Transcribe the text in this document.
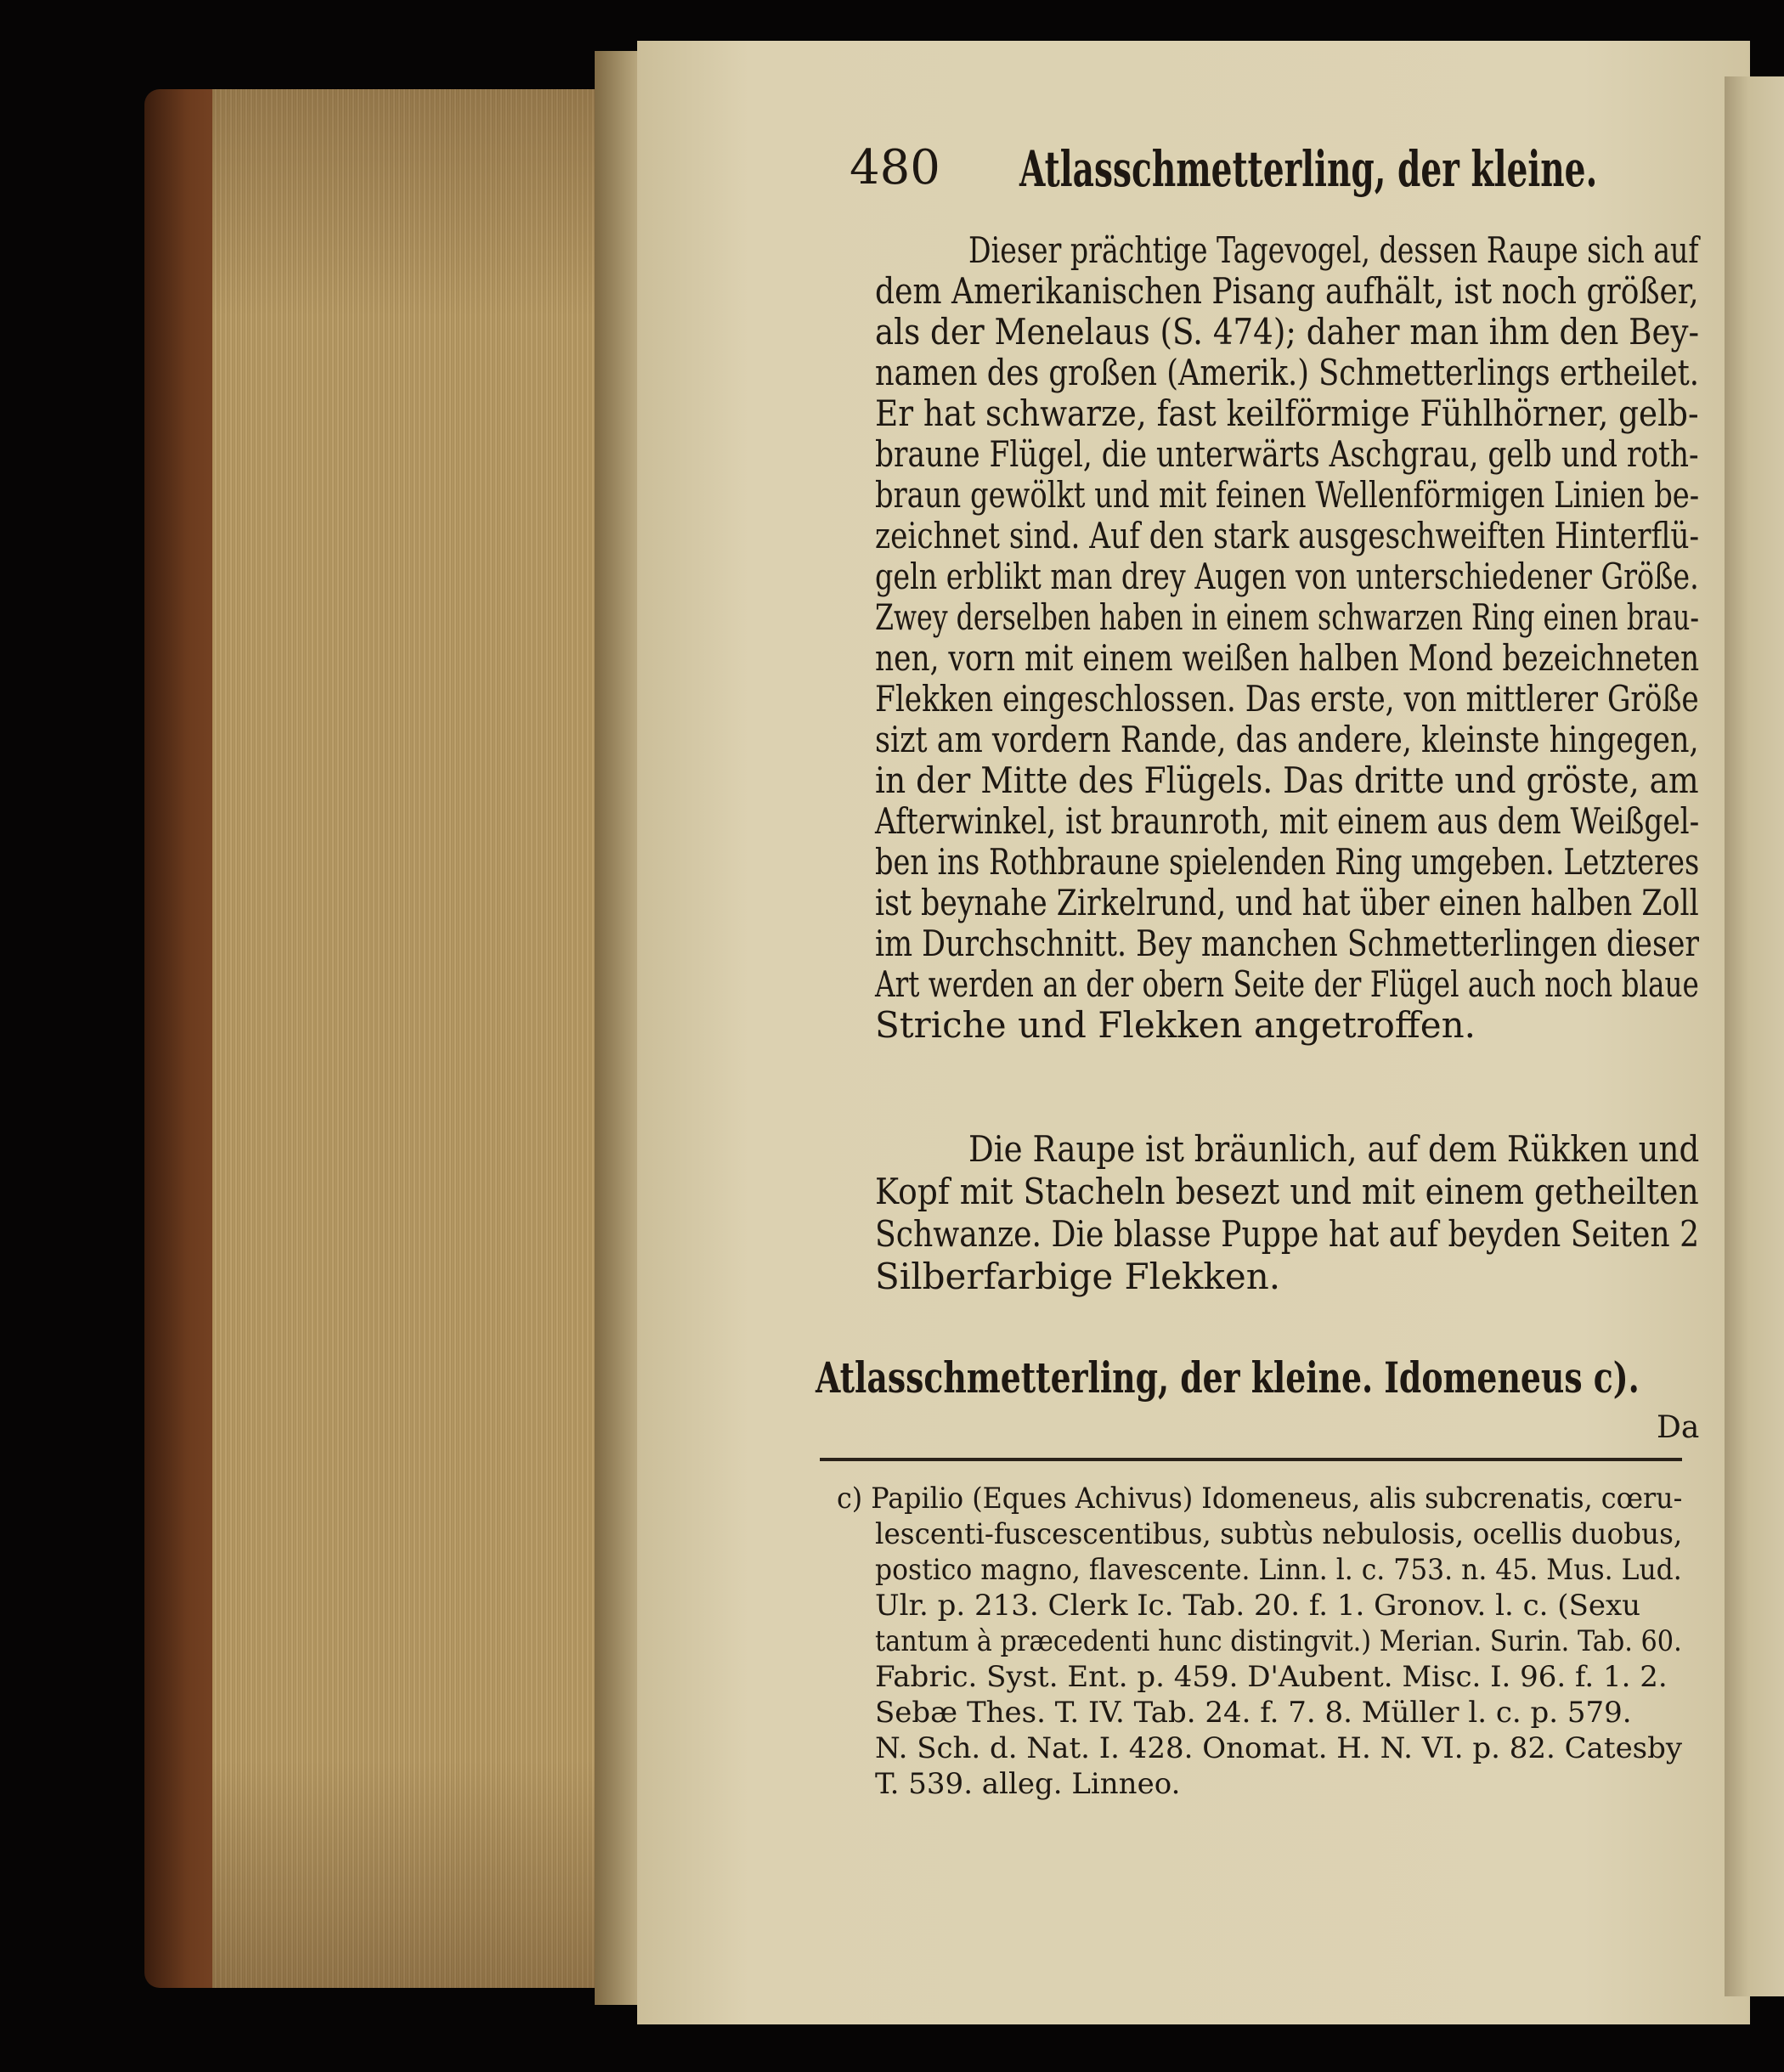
480 Atlasschmetterling, der kleine.
Dieser prächtige Tagevogel, dessen Raupe sich auf
dem Amerikanischen Pisang aufhält, ist noch größer,
als der Menelaus (S. 474); daher man ihm den Bey-
namen des großen (Amerik.) Schmetterlings ertheilet.
Er hat schwarze, fast keilförmige Fühlhörner, gelb-
braune Flügel, die unterwärts Aschgrau, gelb und roth-
braun gewölkt und mit feinen Wellenförmigen Linien be-
zeichnet sind. Auf den stark ausgeschweiften Hinterflü-
geln erblikt man drey Augen von unterschiedener Größe.
Zwey derselben haben in einem schwarzen Ring einen brau-
nen, vorn mit einem weißen halben Mond bezeichneten
Flekken eingeschlossen. Das erste, von mittlerer Größe
sizt am vordern Rande, das andere, kleinste hingegen,
in der Mitte des Flügels. Das dritte und gröste, am
Afterwinkel, ist braunroth, mit einem aus dem Weißgel-
ben ins Rothbraune spielenden Ring umgeben. Letzteres
ist beynahe Zirkelrund, und hat über einen halben Zoll
im Durchschnitt. Bey manchen Schmetterlingen dieser
Art werden an der obern Seite der Flügel auch noch blaue
Striche und Flekken angetroffen.
Die Raupe ist bräunlich, auf dem Rükken und
Kopf mit Stacheln besezt und mit einem getheilten
Schwanze. Die blasse Puppe hat auf beyden Seiten 2
Silberfarbige Flekken.
Atlasschmetterling, der kleine. Idomeneus c).
Da
c) Papilio (Eques Achivus) Idomeneus, alis subcrenatis, cœru-
lescenti-fuscescentibus, subtùs nebulosis, ocellis duobus,
postico magno, flavescente. Linn. l. c. 753. n. 45. Mus. Lud.
Ulr. p. 213. Clerk Ic. Tab. 20. f. 1. Gronov. l. c. (Sexu
tantum à præcedenti hunc distingvit.) Merian. Surin. Tab. 60.
Fabric. Syst. Ent. p. 459. D'Aubent. Misc. I. 96. f. 1. 2.
Sebæ Thes. T. IV. Tab. 24. f. 7. 8. Müller l. c. p. 579.
N. Sch. d. Nat. I. 428. Onomat. H. N. VI. p. 82. Catesby
T. 539. alleg. Linneo.
